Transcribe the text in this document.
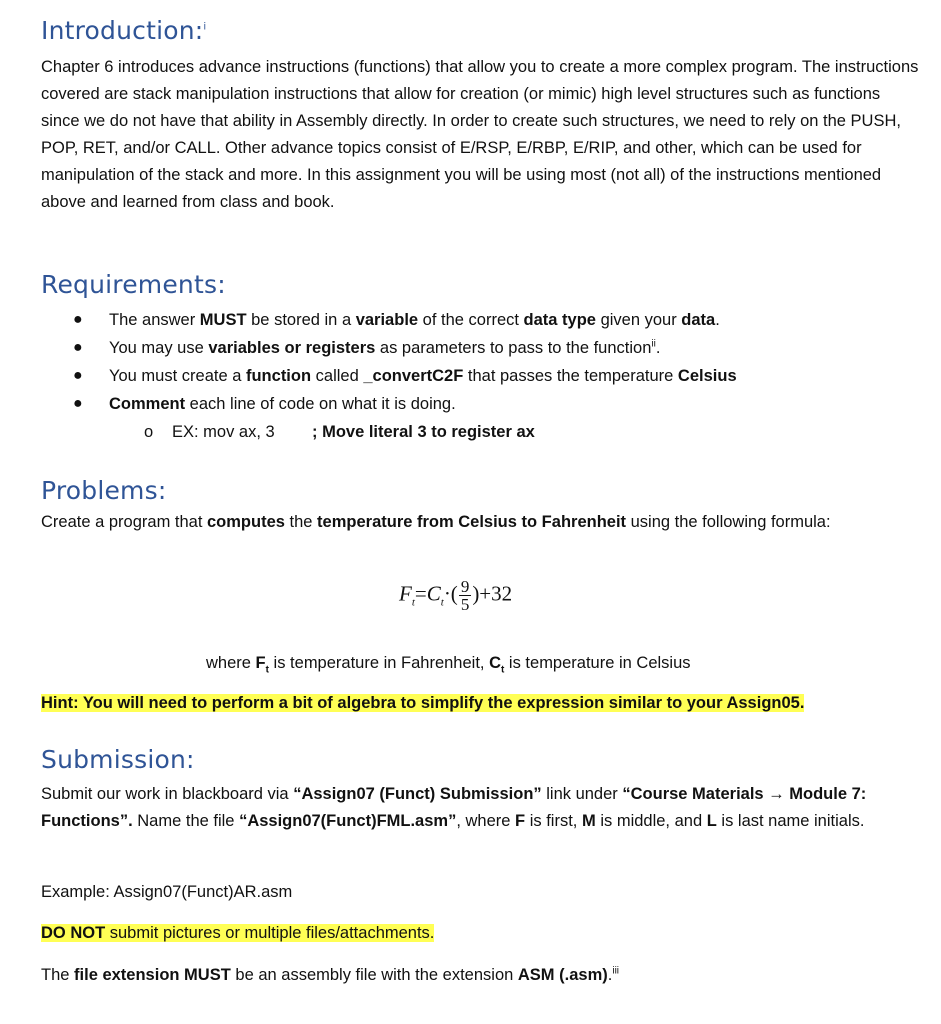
Introduction:$^i$

Chapter 6 introduces advance instructions (functions) that allow you to create a more complex program. The instructions covered are stack manipulation instructions that allow for creation (or mimic) high level structures such as functions since we do not have that ability in Assembly directly. In order to create such structures, we need to rely on the PUSH, POP, RET, and/or CALL. Other advance topics consist of E/RSP, E/RBP, E/RIP, and other, which can be used for manipulation of the stack and more. In this assignment you will be using most (not all) of the instructions mentioned above and learned from class and book.

Requirements:
● The answer MUST be stored in a variable of the correct data type given your data.
● You may use variables or registers as parameters to pass to the function$^{ii}$.
● You must create a function called _convertC2F that passes the temperature Celsius
● Comment each line of code on what it is doing.
o EX: mov ax, 3 ; Move literal 3 to register ax
Problems:

Create a program that computes the temperature from Celsius to Fahrenheit using the following formula:

$F_t=C_t\cdot( \frac{9}{5} )+32$
where $F_t$ is temperature in Fahrenheit, $C_t$ is temperature in Celsius
Hint: You will need to perform a bit of algebra to simplify the expression similar to your Assign05.
Submission:

Submit our work in blackboard via “Assign07 (Funct) Submission” link under “Course Materials → Module 7: Functions”. Name the file “Assign07(Funct)FML.asm”, where F is first, M is middle, and L is last name initials.

Example: Assign07(Funct)AR.asm

DO NOT submit pictures or multiple files/attachments.

The file extension MUST be an assembly file with the extension ASM (.asm).$^{iii}$
